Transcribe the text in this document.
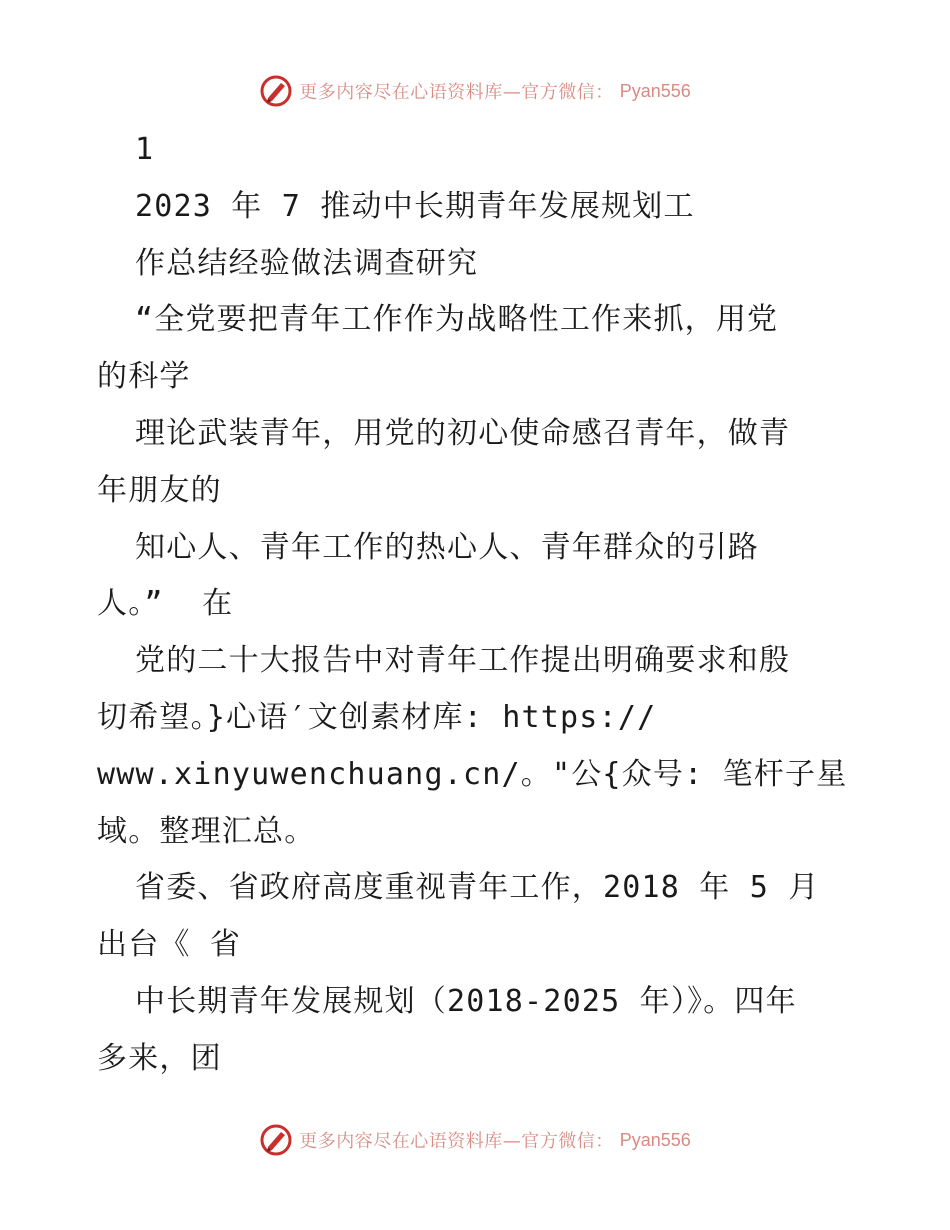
更多内容尽在心语资料库—官方微信： Pyan556
1
2023 年 7 推动中长期青年发展规划工
作总结经验做法调查研究
“全党要把青年工作作为战略性工作来抓，用党
的科学
理论武装青年，用党的初心使命感召青年，做青
年朋友的
知心人、青年工作的热心人、青年群众的引路
人。”  在
党的二十大报告中对青年工作提出明确要求和殷
切希望。}心语′文创素材库: https://
www.xinyuwenchuang.cn/。"公{众号: 笔杆子星
域。整理汇总。
省委、省政府高度重视青年工作，2018 年 5 月
出台《 省
中长期青年发展规划（2018-2025 年）》。四年
多来，团
更多内容尽在心语资料库—官方微信： Pyan556
